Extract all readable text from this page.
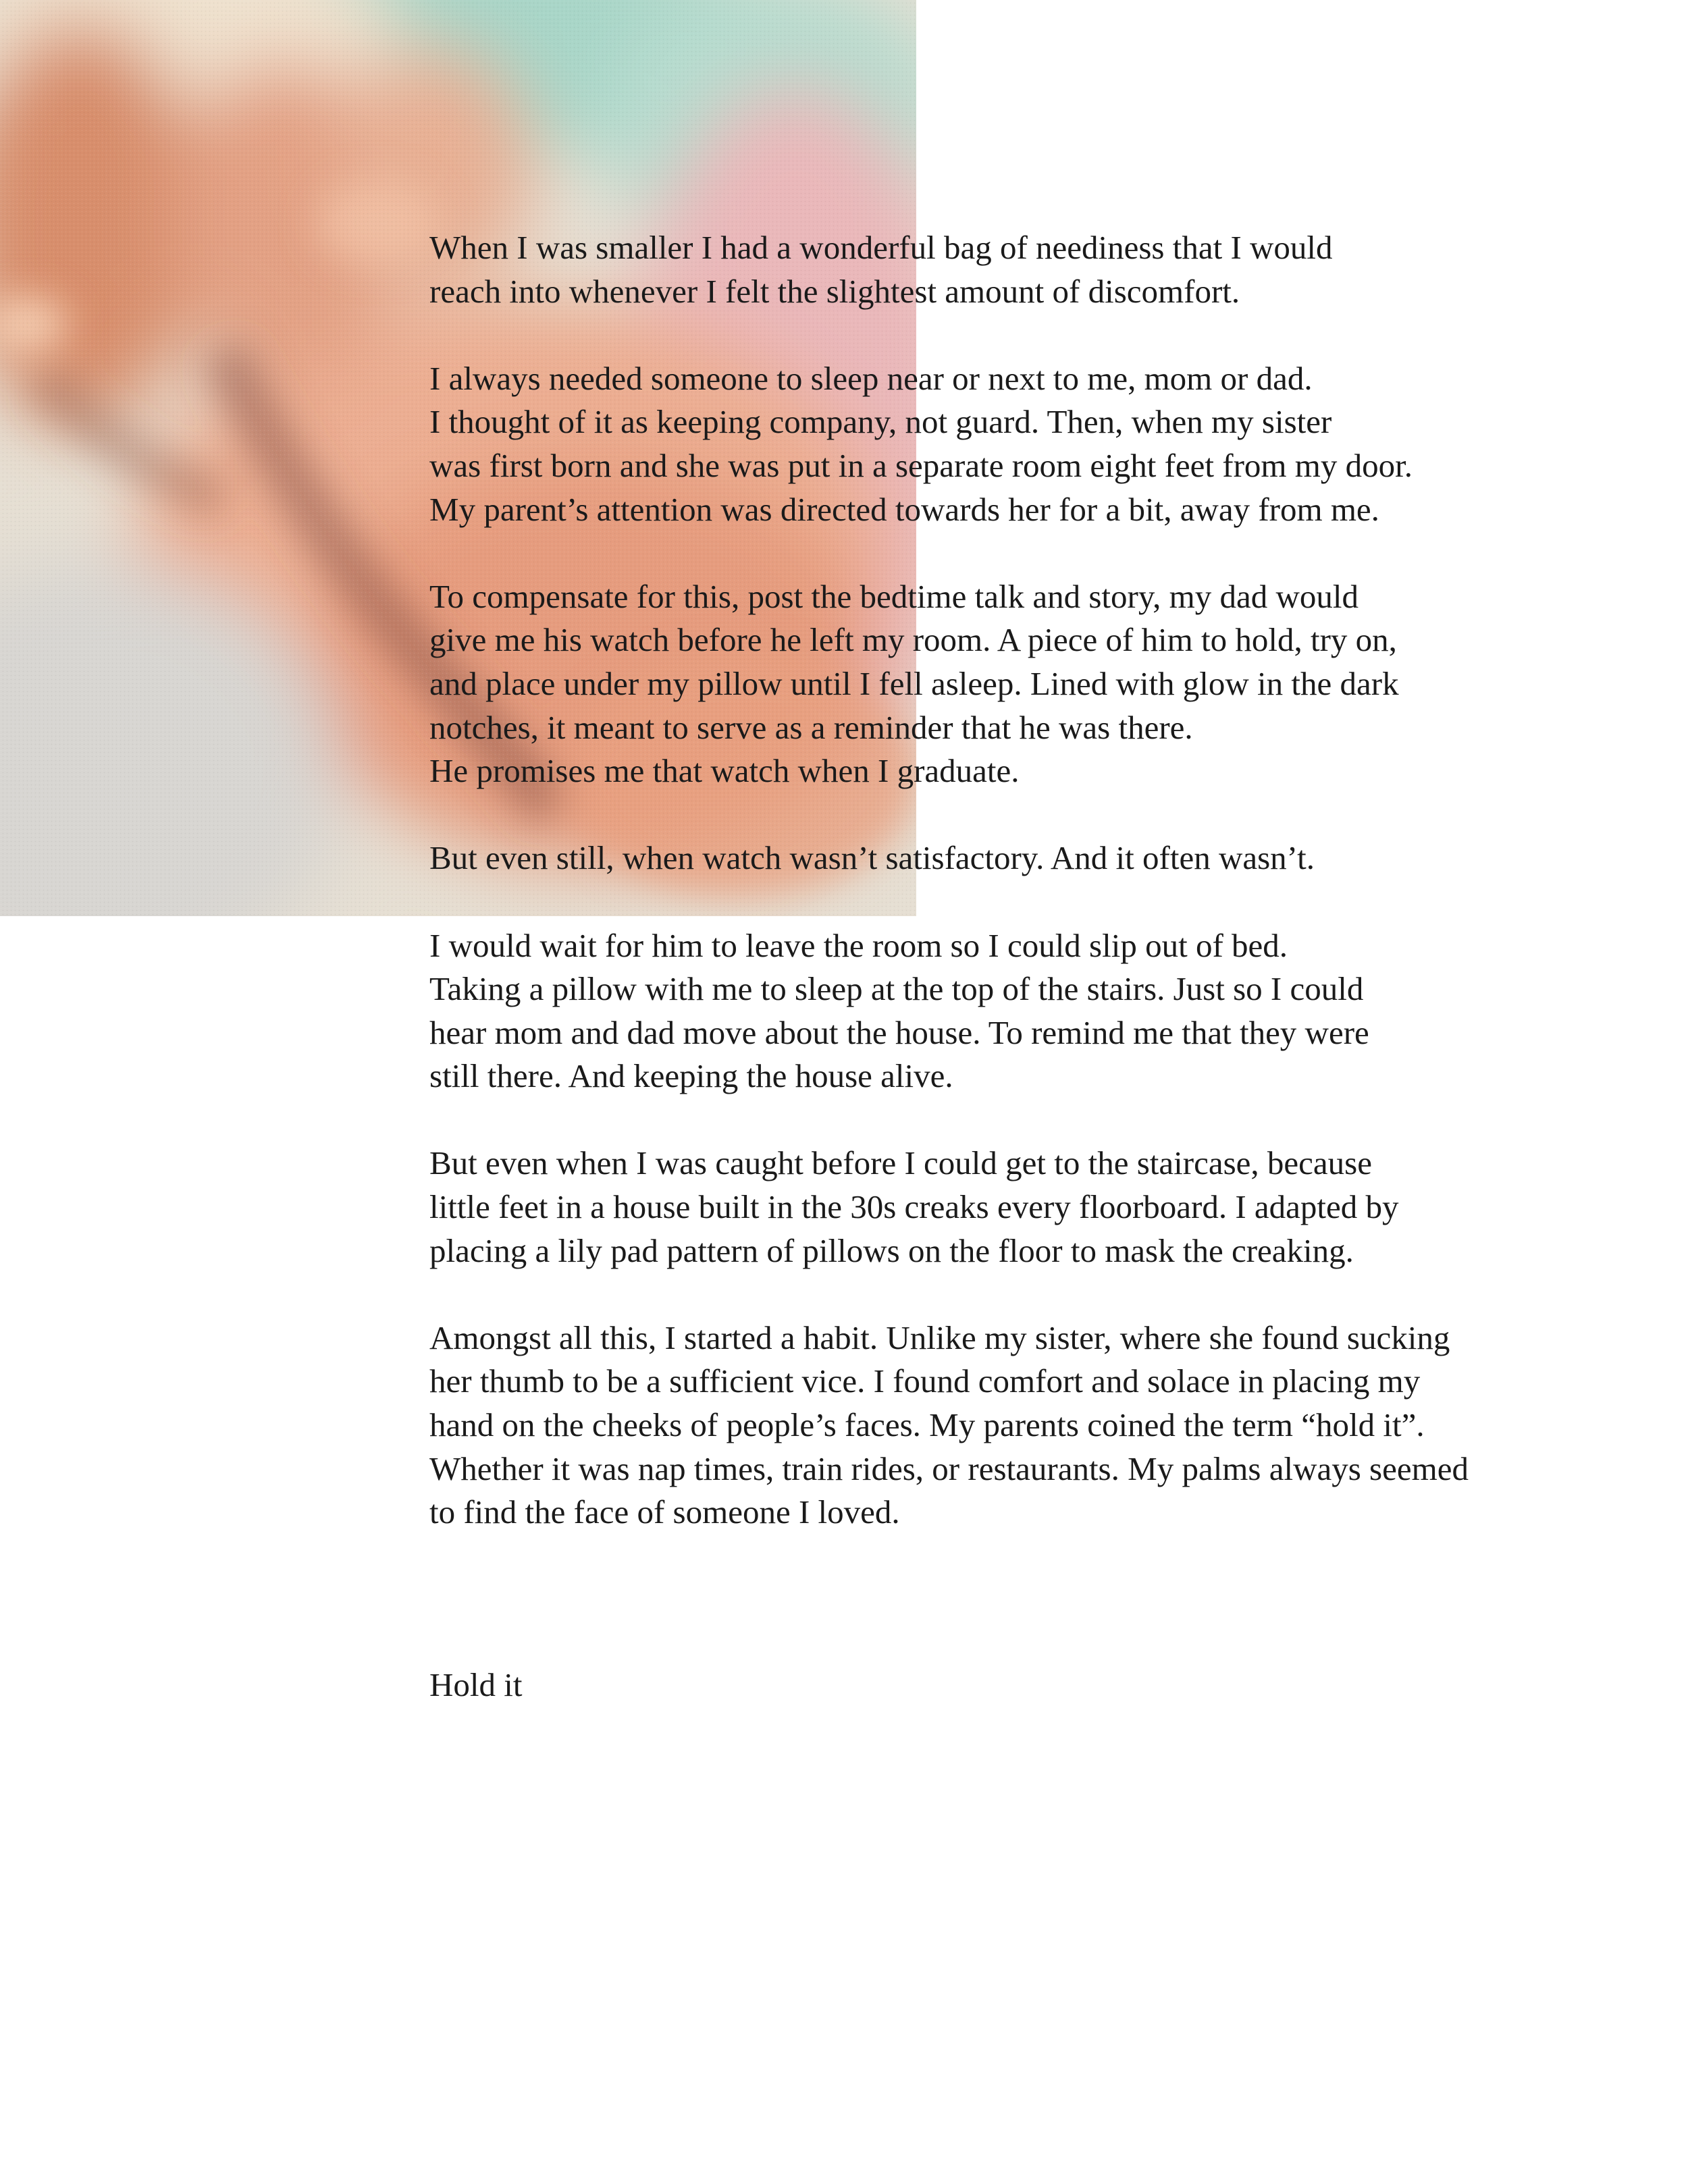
When I was smaller I had a wonderful bag of neediness that I would
reach into whenever I felt the slightest amount of discomfort.

I always needed someone to sleep near or next to me, mom or dad.
I thought of it as keeping company, not guard. Then, when my sister
was first born and she was put in a separate room eight feet from my door.
My parent’s attention was directed towards her for a bit, away from me.

To compensate for this, post the bedtime talk and story, my dad would
give me his watch before he left my room. A piece of him to hold, try on,
and place under my pillow until I fell asleep. Lined with glow in the dark
notches, it meant to serve as a reminder that he was there.
He promises me that watch when I graduate.

But even still, when watch wasn’t satisfactory. And it often wasn’t.

I would wait for him to leave the room so I could slip out of bed.
Taking a pillow with me to sleep at the top of the stairs. Just so I could
hear mom and dad move about the house. To remind me that they were
still there. And keeping the house alive.

But even when I was caught before I could get to the staircase, because
little feet in a house built in the 30s creaks every floorboard. I adapted by
placing a lily pad pattern of pillows on the floor to mask the creaking.

Amongst all this, I started a habit. Unlike my sister, where she found sucking
her thumb to be a sufficient vice. I found comfort and solace in placing my
hand on the cheeks of people’s faces. My parents coined the term “hold it”.
Whether it was nap times, train rides, or restaurants. My palms always seemed
to find the face of someone I loved.

Hold it
